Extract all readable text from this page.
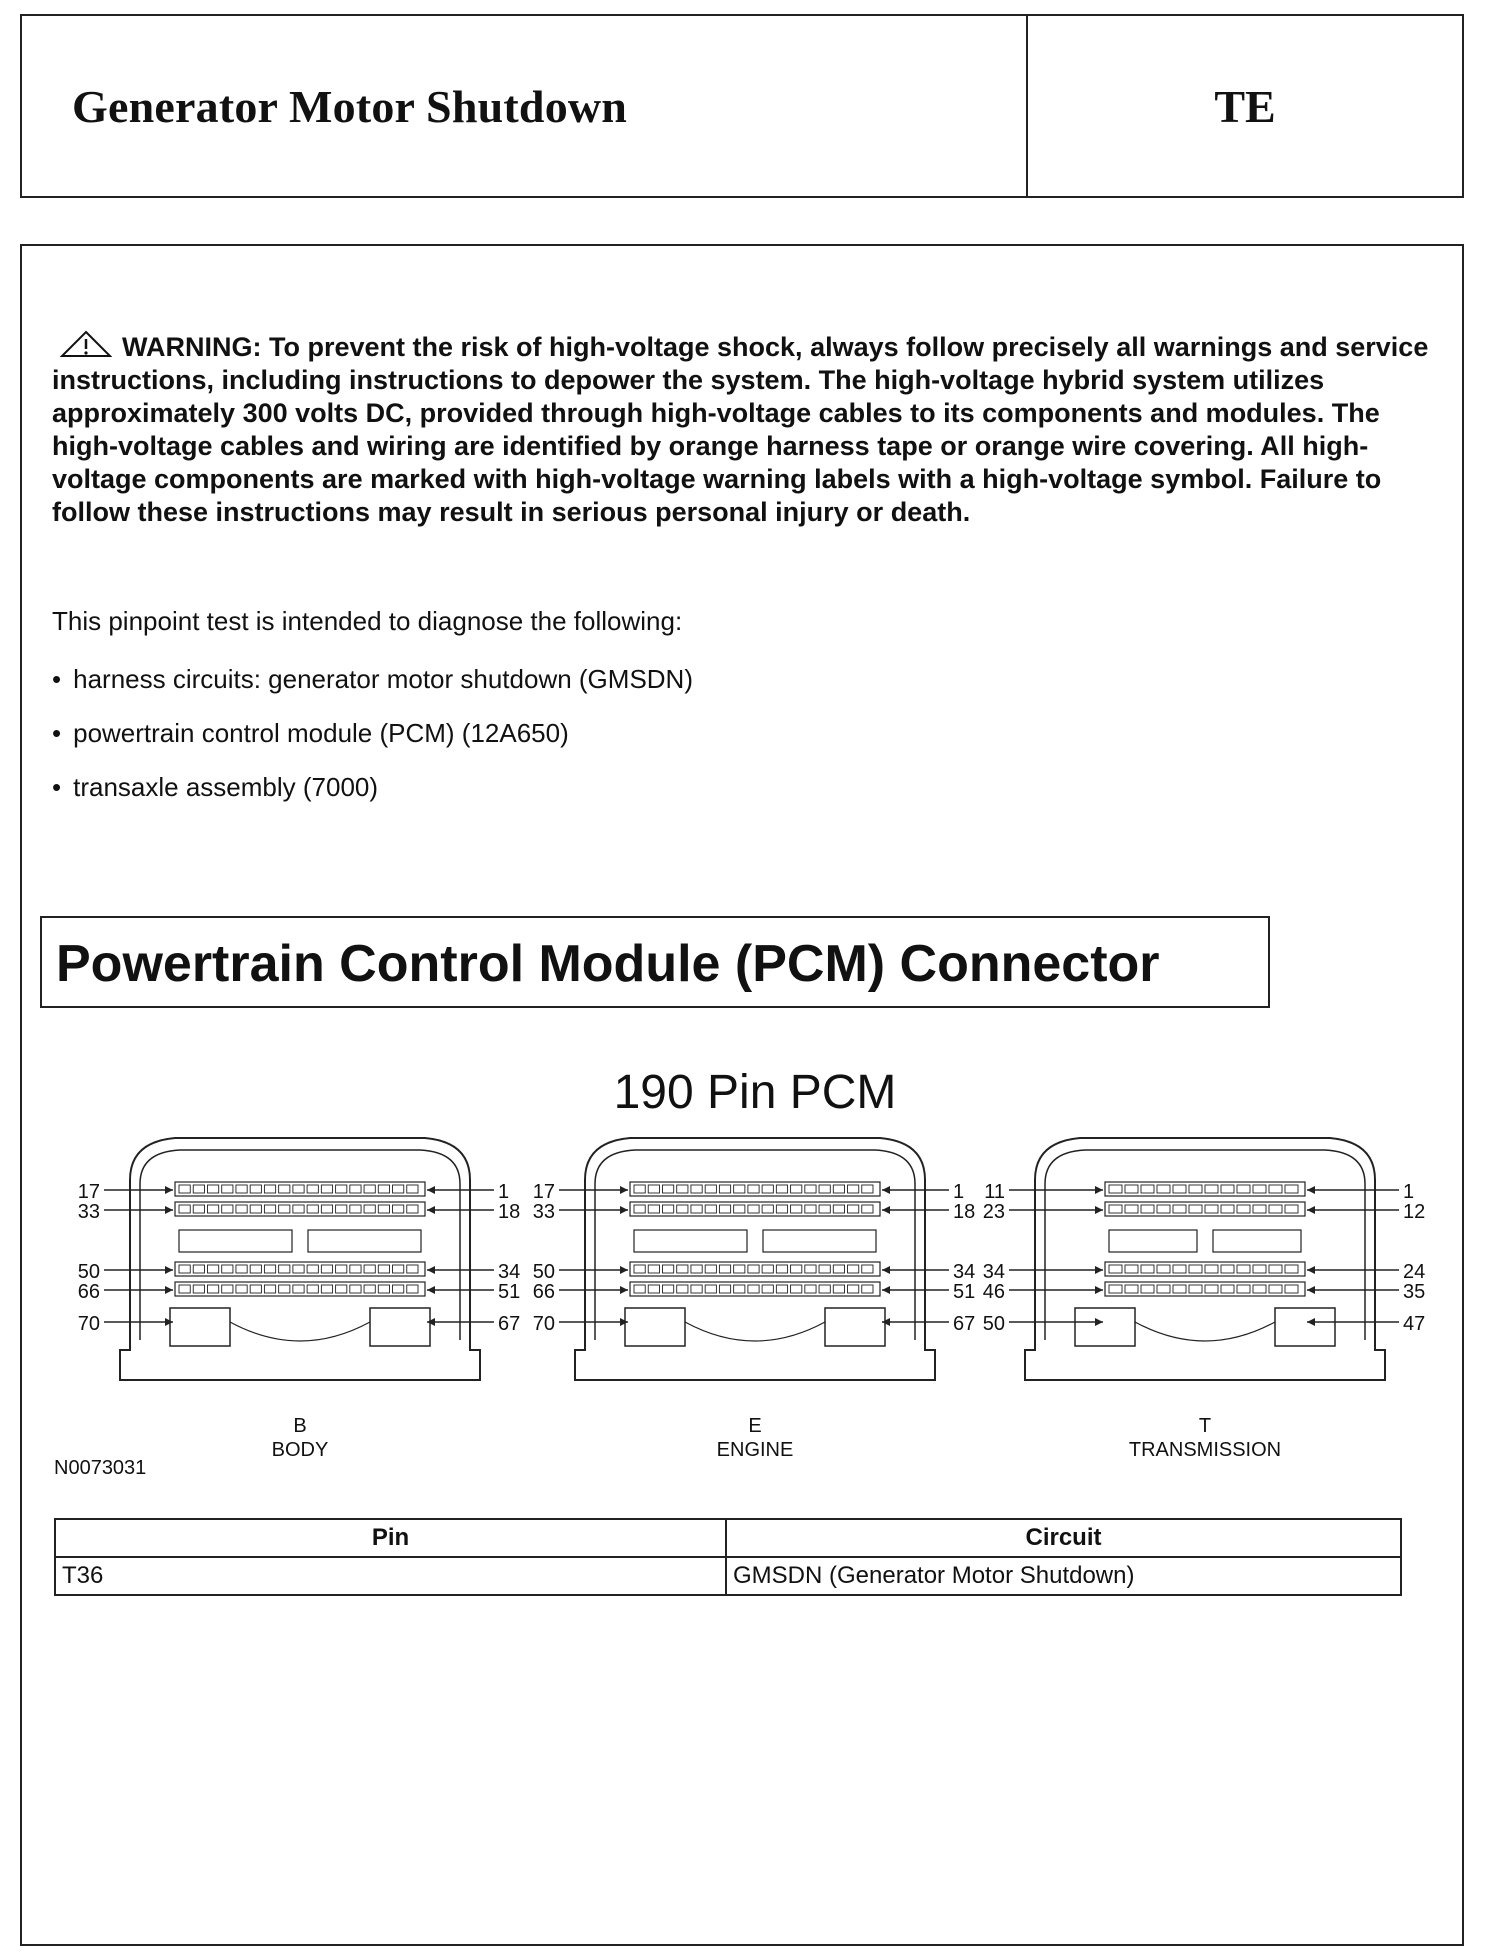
Generator Motor Shutdown	TE
WARNING: To prevent the risk of high-voltage shock, always follow precisely all warnings and service instructions, including instructions to depower the system. The high-voltage hybrid system utilizes approximately 300 volts DC, provided through high-voltage cables to its components and modules. The high-voltage cables and wiring are identified by orange harness tape or orange wire covering. All high-voltage components are marked with high-voltage warning labels with a high-voltage symbol. Failure to follow these instructions may result in serious personal injury or death.
This pinpoint test is intended to diagnose the following:
• harness circuits: generator motor shutdown (GMSDN)
• powertrain control module (PCM) (12A650)
• transaxle assembly (7000)
Powertrain Control Module (PCM) Connector
190 Pin PCM
17
33
50
66
70
1
18
34
51
67
B
BODY
17
33
50
66
70
1
18
34
51
67
E
ENGINE
11
23
34
46
50
1
12
24
35
47
T
TRANSMISSION
N0073031
Pin	Circuit
T36	GMSDN (Generator Motor Shutdown)
